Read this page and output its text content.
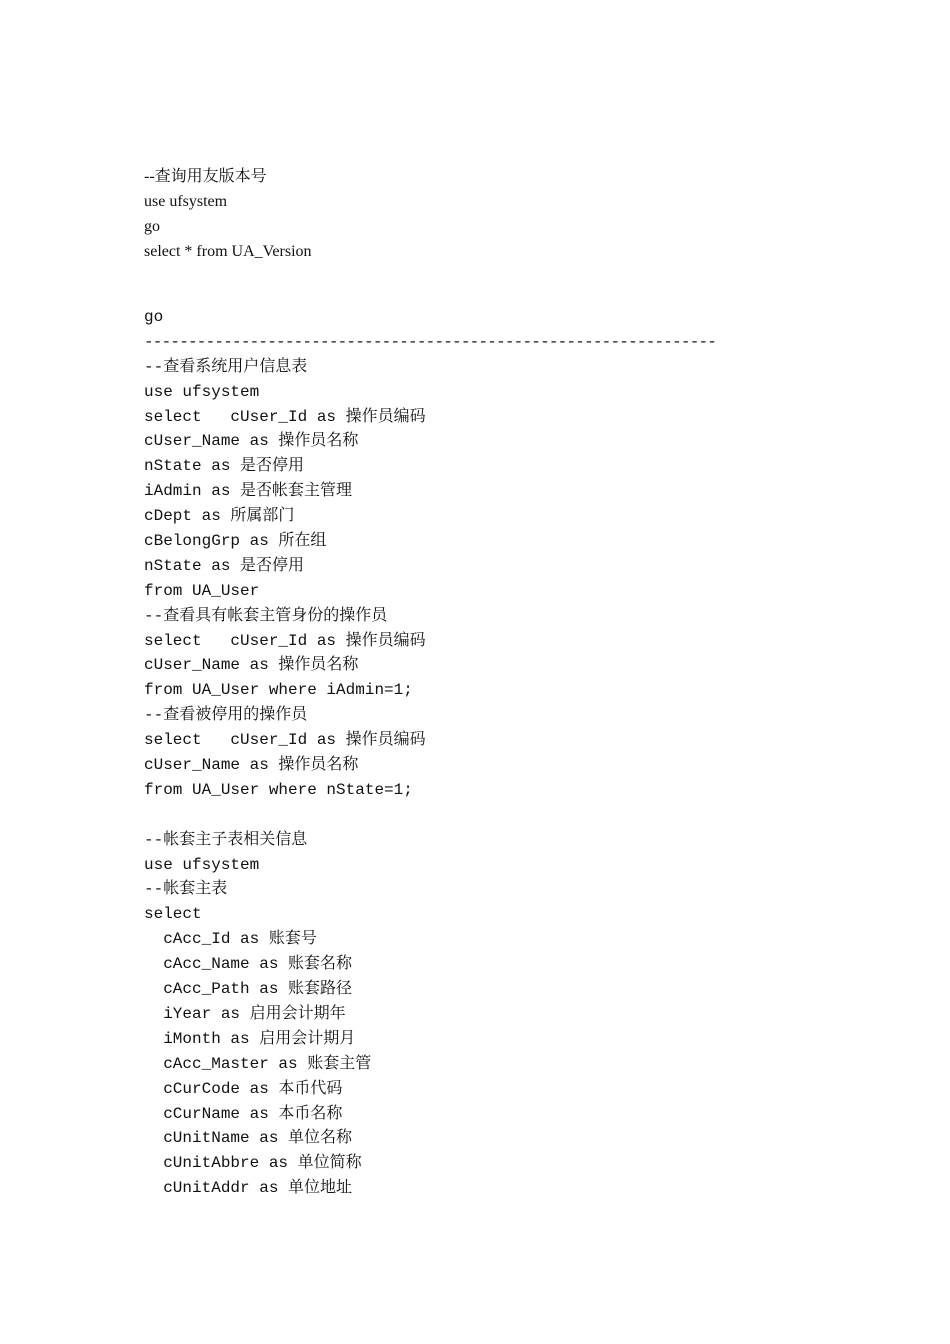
--查询用友版本号
use ufsystem
go
select * from UA_Version
go
-----------------------------------------------------------------
--查看系统用户信息表
use ufsystem
select   cUser_Id as 操作员编码
cUser_Name as 操作员名称
nState as 是否停用
iAdmin as 是否帐套主管理
cDept as 所属部门
cBelongGrp as 所在组
nState as 是否停用
from UA_User
--查看具有帐套主管身份的操作员
select   cUser_Id as 操作员编码
cUser_Name as 操作员名称
from UA_User where iAdmin=1;
--查看被停用的操作员
select   cUser_Id as 操作员编码
cUser_Name as 操作员名称
from UA_User where nState=1;
--帐套主子表相关信息
use ufsystem
--帐套主表
select
cAcc_Id as 账套号
cAcc_Name as 账套名称
cAcc_Path as 账套路径
iYear as 启用会计期年
iMonth as 启用会计期月
cAcc_Master as 账套主管
cCurCode as 本币代码
cCurName as 本币名称
cUnitName as 单位名称
cUnitAbbre as 单位简称
cUnitAddr as 单位地址
